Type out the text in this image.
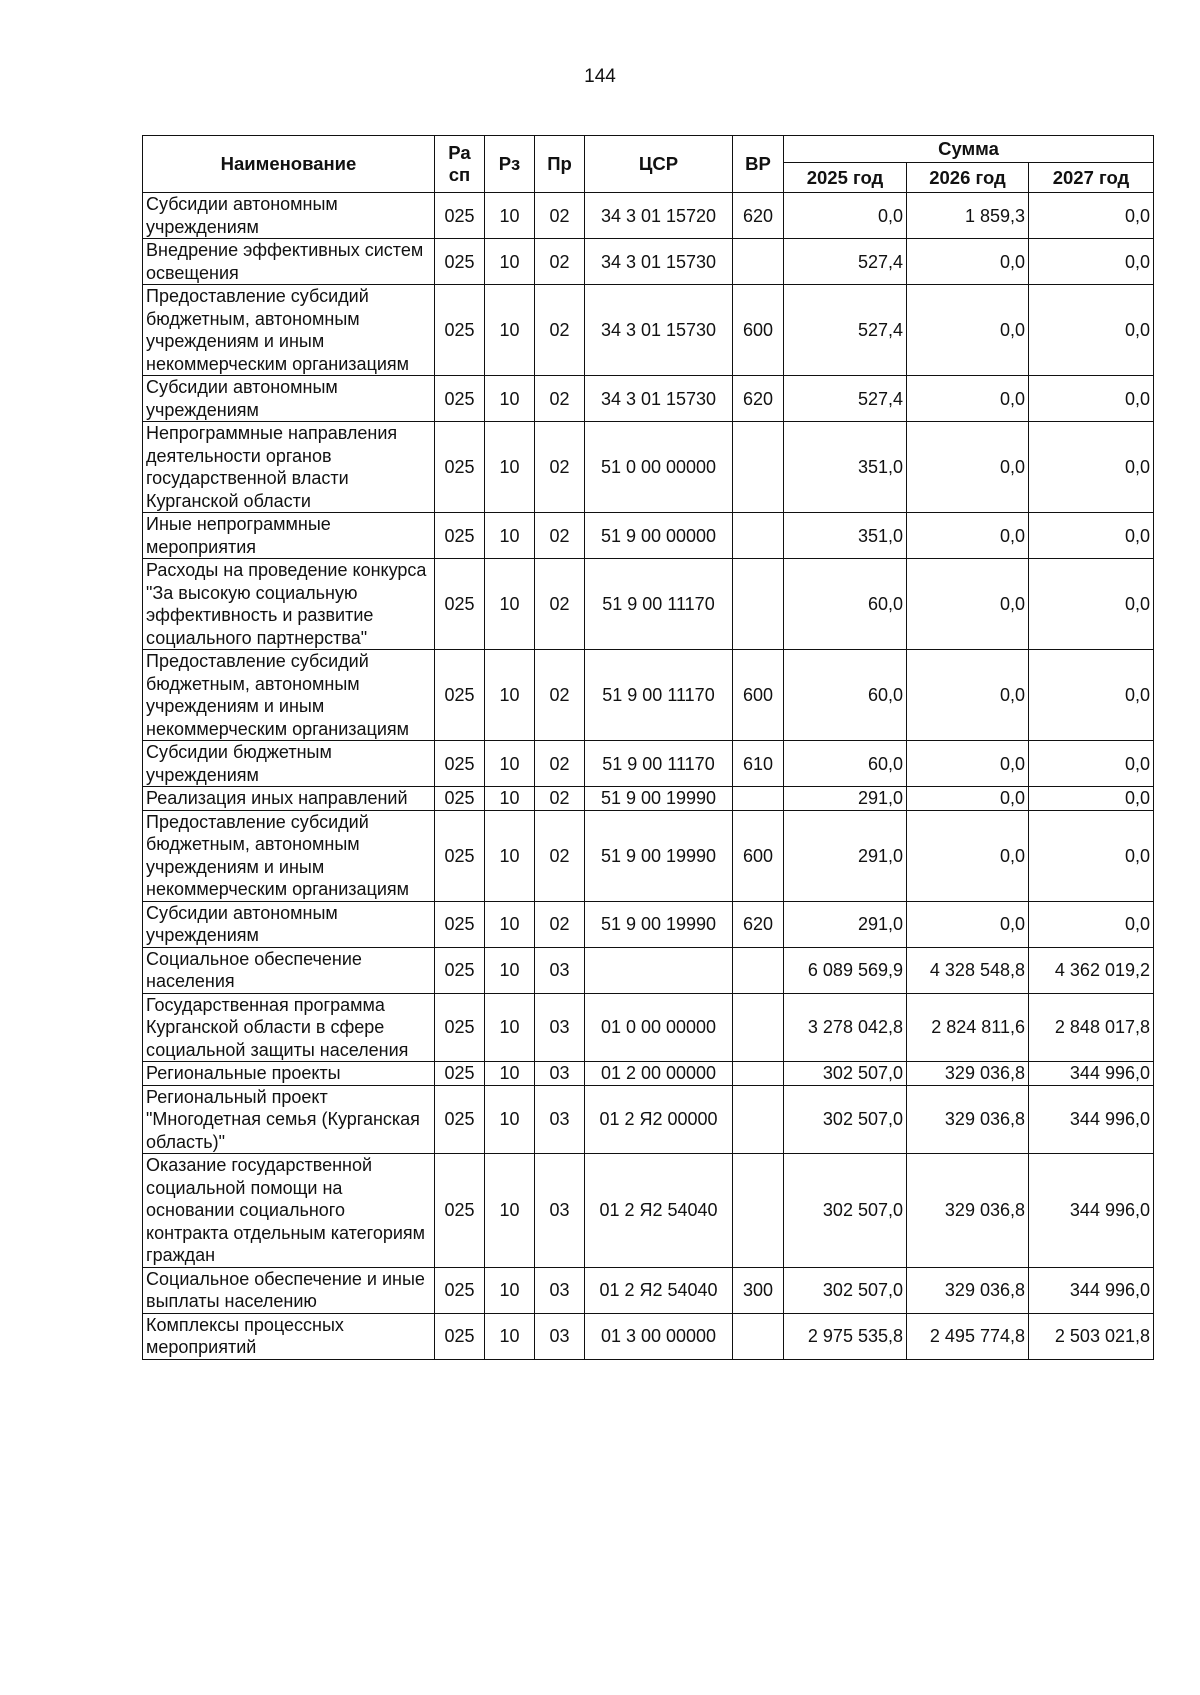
144
Наименование	Ра сп	Рз	Пр	ЦСР	ВР	Сумма		
						2025 год	2026 год	2027 год
Субсидии автономным учреждениям	025	10	02	34 3 01 15720	620	0,0	1 859,3	0,0
Внедрение эффективных систем освещения	025	10	02	34 3 01 15730		527,4	0,0	0,0
Предоставление субсидий бюджетным, автономным учреждениям и иным некоммерческим организациям	025	10	02	34 3 01 15730	600	527,4	0,0	0,0
Субсидии автономным учреждениям	025	10	02	34 3 01 15730	620	527,4	0,0	0,0
Непрограммные направления деятельности органов государственной власти Курганской области	025	10	02	51 0 00 00000		351,0	0,0	0,0
Иные непрограммные мероприятия	025	10	02	51 9 00 00000		351,0	0,0	0,0
Расходы на проведение конкурса "За высокую социальную эффективность и развитие социального партнерства"	025	10	02	51 9 00 11170		60,0	0,0	0,0
Предоставление субсидий бюджетным, автономным учреждениям и иным некоммерческим организациям	025	10	02	51 9 00 11170	600	60,0	0,0	0,0
Субсидии бюджетным учреждениям	025	10	02	51 9 00 11170	610	60,0	0,0	0,0
Реализация иных направлений	025	10	02	51 9 00 19990		291,0	0,0	0,0
Предоставление субсидий бюджетным, автономным учреждениям и иным некоммерческим организациям	025	10	02	51 9 00 19990	600	291,0	0,0	0,0
Субсидии автономным учреждениям	025	10	02	51 9 00 19990	620	291,0	0,0	0,0
Социальное обеспечение населения	025	10	03			6 089 569,9	4 328 548,8	4 362 019,2
Государственная программа Курганской области в сфере социальной защиты населения	025	10	03	01 0 00 00000		3 278 042,8	2 824 811,6	2 848 017,8
Региональные проекты	025	10	03	01 2 00 00000		302 507,0	329 036,8	344 996,0
Региональный проект "Многодетная семья (Курганская область)"	025	10	03	01 2 Я2 00000		302 507,0	329 036,8	344 996,0
Оказание государственной социальной помощи на основании социального контракта отдельным категориям граждан	025	10	03	01 2 Я2 54040		302 507,0	329 036,8	344 996,0
Социальное обеспечение и иные выплаты населению	025	10	03	01 2 Я2 54040	300	302 507,0	329 036,8	344 996,0
Комплексы процессных мероприятий	025	10	03	01 3 00 00000		2 975 535,8	2 495 774,8	2 503 021,8
